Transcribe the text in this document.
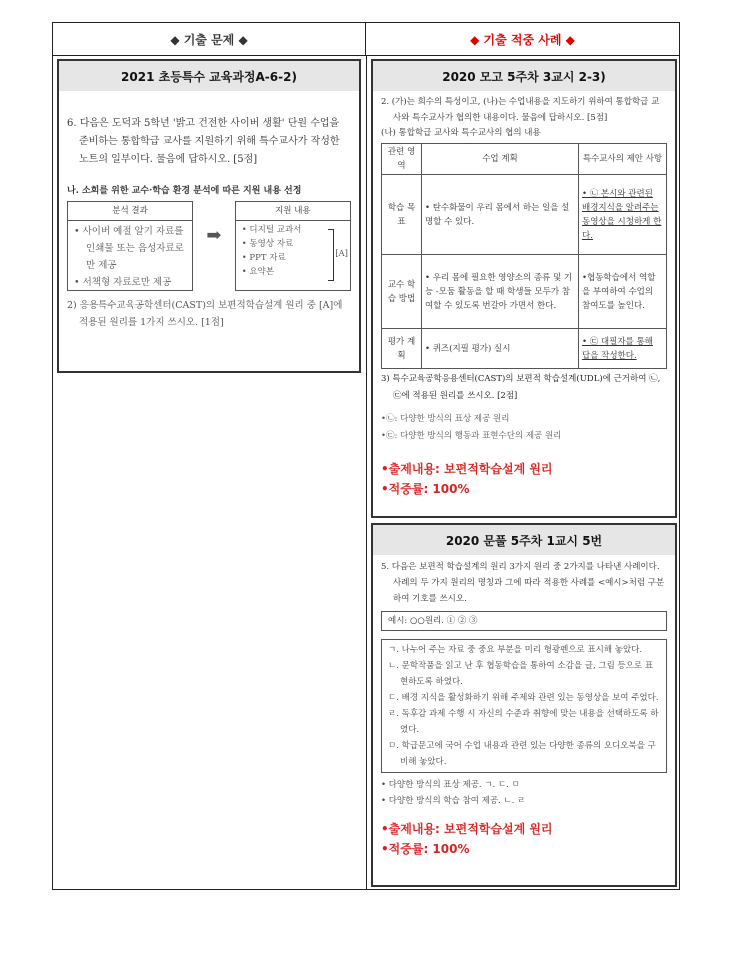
◆ 기출 문제 ◆	◆ 기출 적중 사례 ◆
2021 초등특수 교육과정A-6-2)
6. 다음은 도덕과 5학년 '밝고 건전한 사이버 생활' 단원 수업을 준비하는 통합학급 교사를 지원하기 위해 특수교사가 작성한 노트의 일부이다. 물음에 답하시오. [5점]
나. 소희를 위한 교수·학습 환경 분석에 따른 지원 내용 선정
분석 결과
• 사이버 예절 알기 자료를 인쇄물 또는 음성자료로만 제공
• 서책형 자료로만 제공
➡
지원 내용
• 디지털 교과서
• 동영상 자료
• PPT 자료
• 요약본
[A]
2) 응용특수교육공학센터(CAST)의 보편적학습설계 원리 중 [A]에 적용된 원리를 1가지 쓰시오. [1점]
2020 모고 5주차 3교시 2-3)
2. (가)는 희수의 특성이고, (나)는 수업내용을 지도하기 위하여 통합학급 교사와 특수교사가 협의한 내용이다. 물음에 답하시오. [5점]
(나) 통합학급 교사와 특수교사의 협의 내용
관련 영역	수업 계획	특수교사의 제안 사항
학습 목표	• 탄수화물이 우리 몸에서 하는 일을 설명할 수 있다.	• ㉡ 본시와 관련된 배경지식을 알려주는 동영상을 시청하게 한다.
교수 학습 방법	• 우리 몸에 필요한 영양소의 종류 및 기능 -모둠 활동을 할 때 학생들 모두가 참여할 수 있도록 번갈아 가면서 한다.	•협동학습에서 역할을 부여하여 수업의 참여도를 높인다.
평가 계획	• 퀴즈(지필 평가) 실시	• ㉢ 대필자를 통해 답을 작성한다.
3) 특수교육공학응용센터(CAST)의 보편적 학습설계(UDL)에 근거하여 ㉡, ㉢에 적용된 원리를 쓰시오. [2점]
•㉡: 다양한 방식의 표상 제공 원리
•㉢: 다양한 방식의 행동과 표현수단의 제공 원리
•출제내용: 보편적학습설계 원리
•적중률: 100%
2020 문풀 5주차 1교시 5번
5. 다음은 보편적 학습설계의 원리 3가지 원리 중 2가지를 나타낸 사례이다. 사례의 두 가지 원리의 명칭과 그에 따라 적용한 사례를 <예시>처럼 구분하여 기호를 쓰시오.
예시: ○○원리. ① ② ③
ㄱ. 나누어 주는 자료 중 중요 부분을 미리 형광펜으로 표시해 놓았다.
ㄴ. 문학작품을 읽고 난 후 협동학습을 통하여 소감을 글, 그림 등으로 표현하도록 하였다.
ㄷ. 배경 지식을 활성화하기 위해 주제와 관련 있는 동영상을 보여 주었다.
ㄹ. 독후감 과제 수행 시 자신의 수준과 취향에 맞는 내용을 선택하도록 하였다.
ㅁ. 학급문고에 국어 수업 내용과 관련 있는 다양한 종류의 오디오북을 구비해 놓았다.
• 다양한 방식의 표상 제공. ㄱ. ㄷ. ㅁ
• 다양한 방식의 학습 참여 제공. ㄴ. ㄹ
•출제내용: 보편적학습설계 원리
•적중률: 100%
